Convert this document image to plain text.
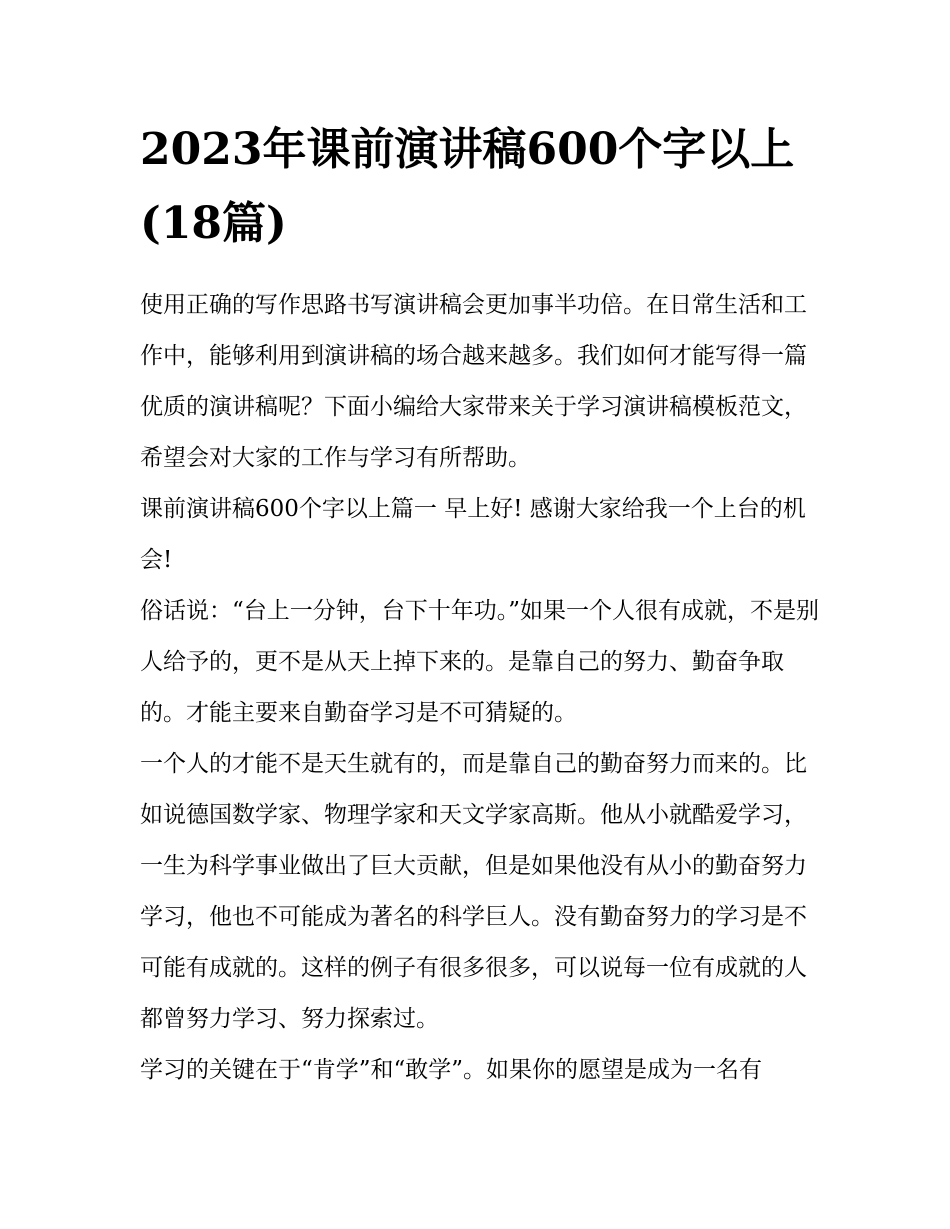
2023年课前演讲稿600个字以上(18篇)

使用正确的写作思路书写演讲稿会更加事半功倍。在日常生活和工作中，能够利用到演讲稿的场合越来越多。我们如何才能写得一篇优质的演讲稿呢？下面小编给大家带来关于学习演讲稿模板范文，希望会对大家的工作与学习有所帮助。

课前演讲稿600个字以上篇一 早上好! 感谢大家给我一个上台的机会!

俗话说：“台上一分钟，台下十年功。”如果一个人很有成就，不是别人给予的，更不是从天上掉下来的。是靠自己的努力、勤奋争取的。才能主要来自勤奋学习是不可猜疑的。

一个人的才能不是天生就有的，而是靠自己的勤奋努力而来的。比如说德国数学家、物理学家和天文学家高斯。他从小就酷爱学习，一生为科学事业做出了巨大贡献，但是如果他没有从小的勤奋努力学习，他也不可能成为著名的科学巨人。没有勤奋努力的学习是不可能有成就的。这样的例子有很多很多，可以说每一位有成就的人都曾努力学习、努力探索过。

学习的关键在于“肯学”和“敢学”。如果你的愿望是成为一名有
